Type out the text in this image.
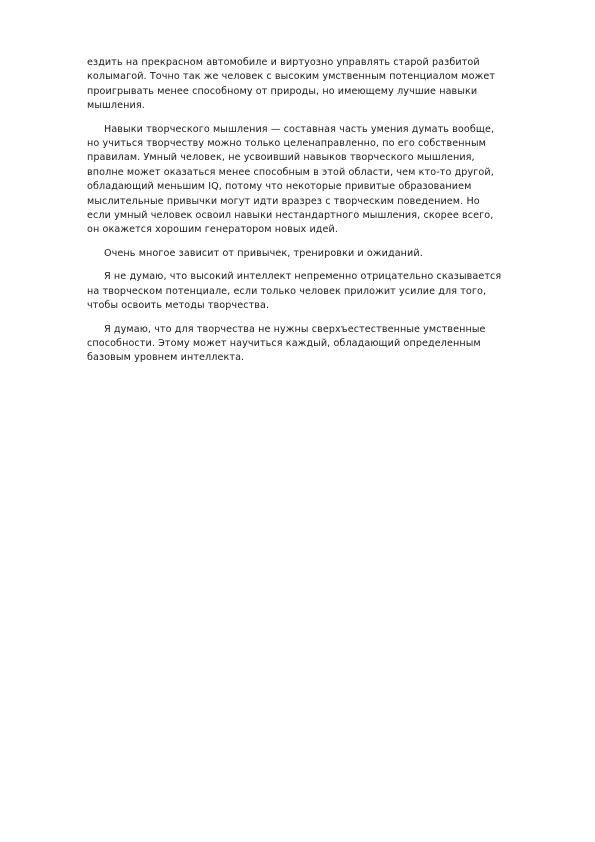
ездить на прекрасном автомобиле и виртуозно управлять старой разбитой
колымагой. Точно так же человек с высоким умственным потенциалом может
проигрывать менее способному от природы, но имеющему лучшие навыки
мышления.

Навыки творческого мышления — составная часть умения думать вообще,
но учиться творчеству можно только целенаправленно, по его собственным
правилам. Умный человек, не усвоивший навыков творческого мышления,
вполне может оказаться менее способным в этой области, чем кто-то другой,
обладающий меньшим IQ, потому что некоторые привитые образованием
мыслительные привычки могут идти вразрез с творческим поведением. Но
если умный человек освоил навыки нестандартного мышления, скорее всего,
он окажется хорошим генератором новых идей.

Очень многое зависит от привычек, тренировки и ожиданий.

Я не думаю, что высокий интеллект непременно отрицательно сказывается
на творческом потенциале, если только человек приложит усилие для того,
чтобы освоить методы творчества.

Я думаю, что для творчества не нужны сверхъестественные умственные
способности. Этому может научиться каждый, обладающий определенным
базовым уровнем интеллекта.
